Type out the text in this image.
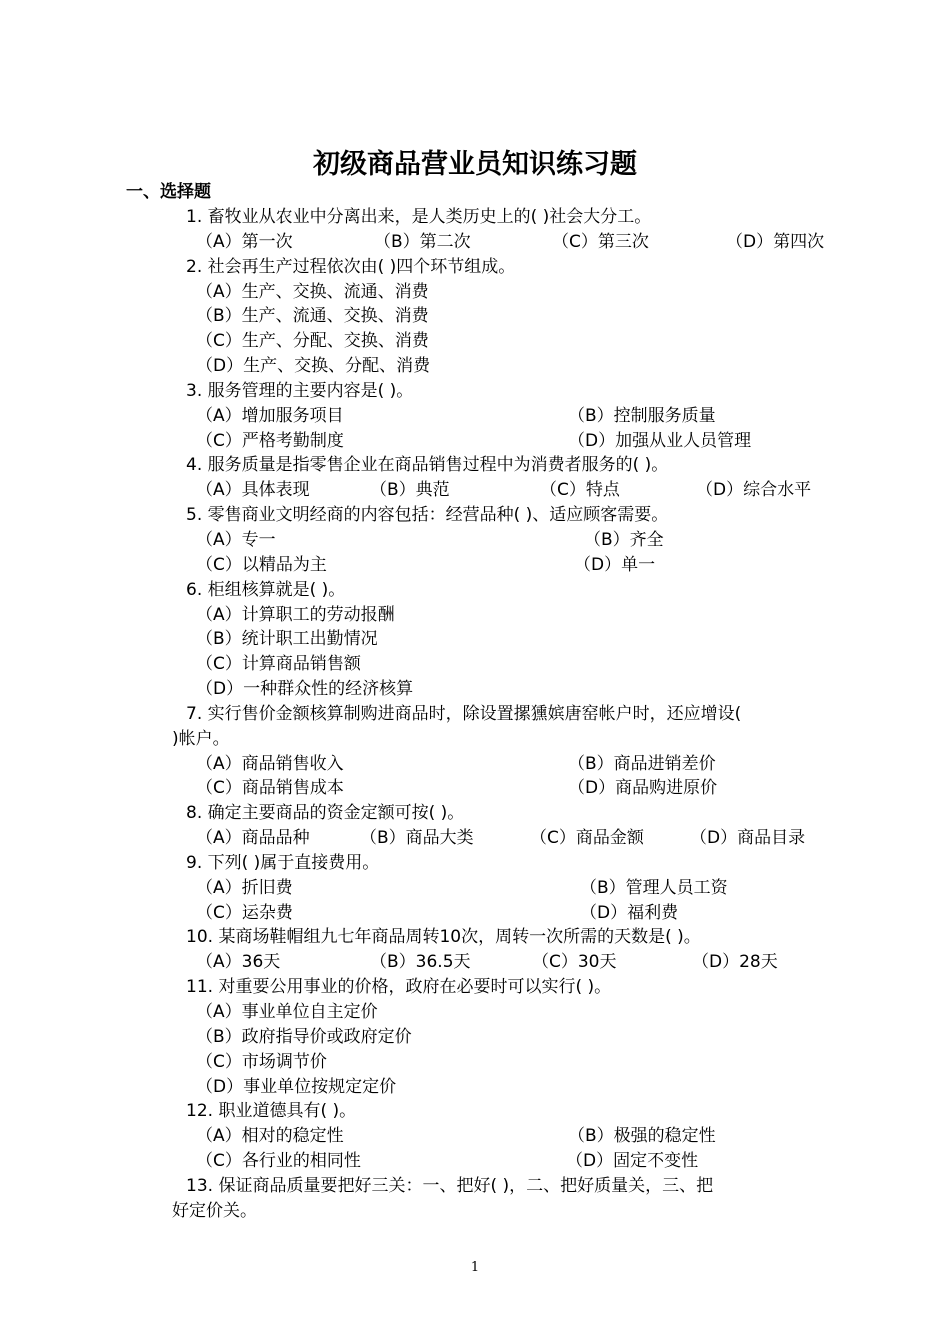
初级商品营业员知识练习题
一、选择题
1. 畜牧业从农业中分离出来，是人类历史上的( )社会大分工。
（A）第一次	（B）第二次	（C）第三次	（D）第四次
2. 社会再生产过程依次由( )四个环节组成。
（A）生产、交换、流通、消费
（B）生产、流通、交换、消费
（C）生产、分配、交换、消费
（D）生产、交换、分配、消费
3. 服务管理的主要内容是( )。
（A）增加服务项目	（B）控制服务质量
（C）严格考勤制度	（D）加强从业人员管理
4. 服务质量是指零售企业在商品销售过程中为消费者服务的( )。
（A）具体表现	（B）典范	（C）特点	（D）综合水平
5. 零售商业文明经商的内容包括：经营品种( )、适应顾客需要。
（A）专一	（B）齐全
（C）以精品为主	（D）单一
6. 柜组核算就是( )。
（A）计算职工的劳动报酬
（B）统计职工出勤情况
（C）计算商品销售额
（D）一种群众性的经济核算
7. 实行售价金额核算制购进商品时，除设置摞獯嫔唐窑帐户时，还应增设(
)帐户。
（A）商品销售收入	（B）商品进销差价
（C）商品销售成本	（D）商品购进原价
8. 确定主要商品的资金定额可按( )。
（A）商品品种	（B）商品大类	（C）商品金额	（D）商品目录
9. 下列( )属于直接费用。
（A）折旧费	（B）管理人员工资
（C）运杂费	（D）福利费
10. 某商场鞋帽组九七年商品周转10次，周转一次所需的天数是( )。
（A）36天	（B）36.5天	（C）30天	（D）28天
11. 对重要公用事业的价格，政府在必要时可以实行( )。
（A）事业单位自主定价
（B）政府指导价或政府定价
（C）市场调节价
（D）事业单位按规定定价
12. 职业道德具有( )。
（A）相对的稳定性	（B）极强的稳定性
（C）各行业的相同性	（D）固定不变性
13. 保证商品质量要把好三关：一、把好( )，二、把好质量关，三、把
好定价关。
1
